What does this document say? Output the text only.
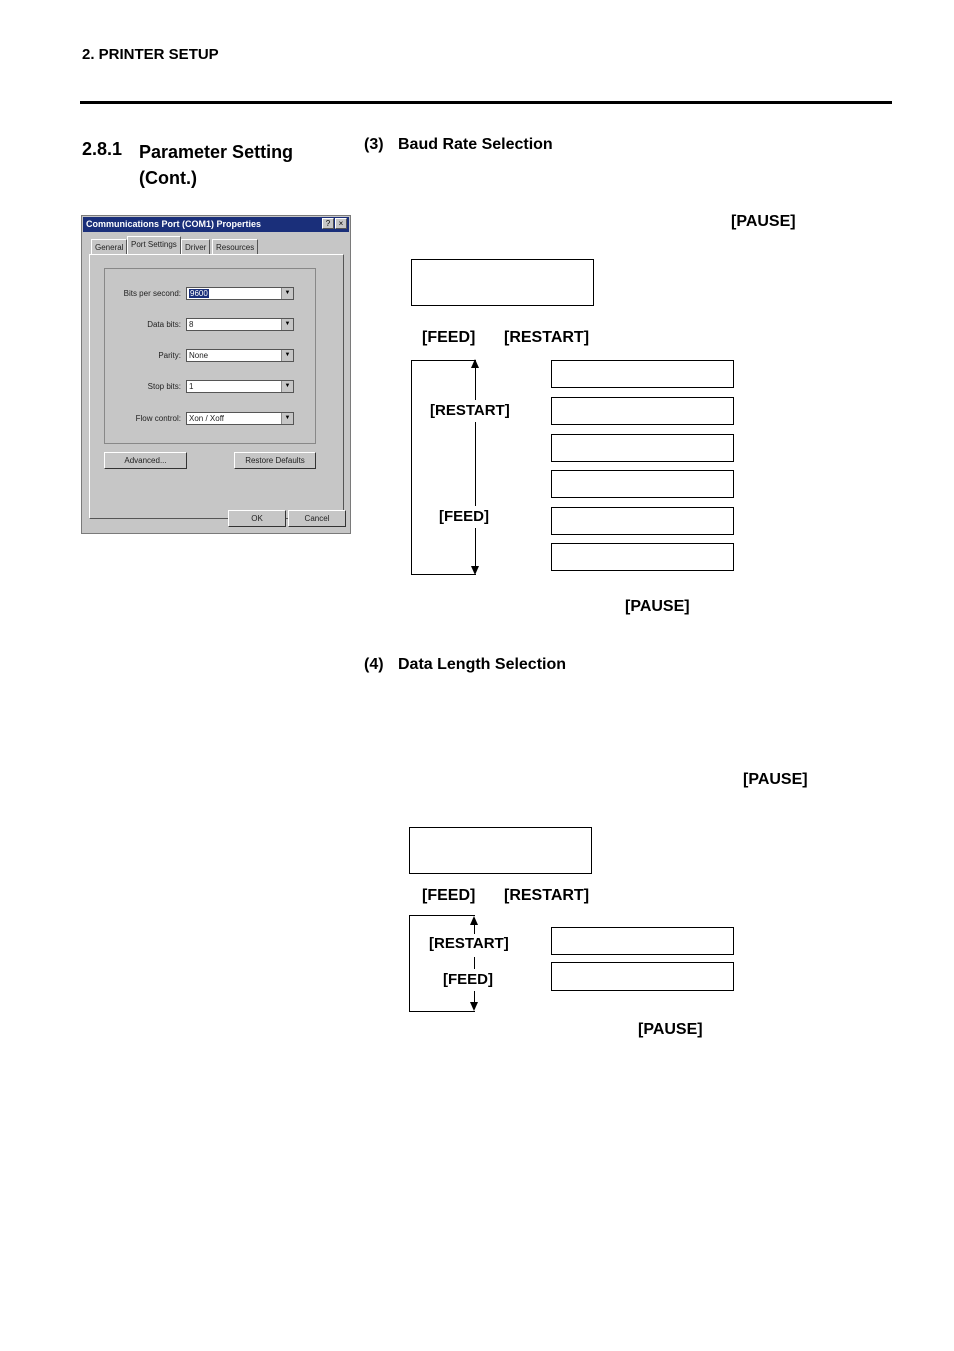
2. PRINTER SETUP
2.8.1 Parameter Setting
(Cont.)
Communications Port (COM1) Properties	?	×
General Port Settings	Driver	Resources
Bits per second:	9600	▼
Data bits:	8	▼
Parity:	None	▼
Stop bits:	1	▼
Flow control:	Xon / Xoff	▼
Advanced...	Restore Defaults
OK	Cancel
(3) Baud Rate Selection
[PAUSE]
[FEED] [RESTART]
[RESTART]
[FEED]
[PAUSE]
(4) Data Length Selection
[PAUSE]
[FEED] [RESTART]
[RESTART]
[FEED]
[PAUSE]
